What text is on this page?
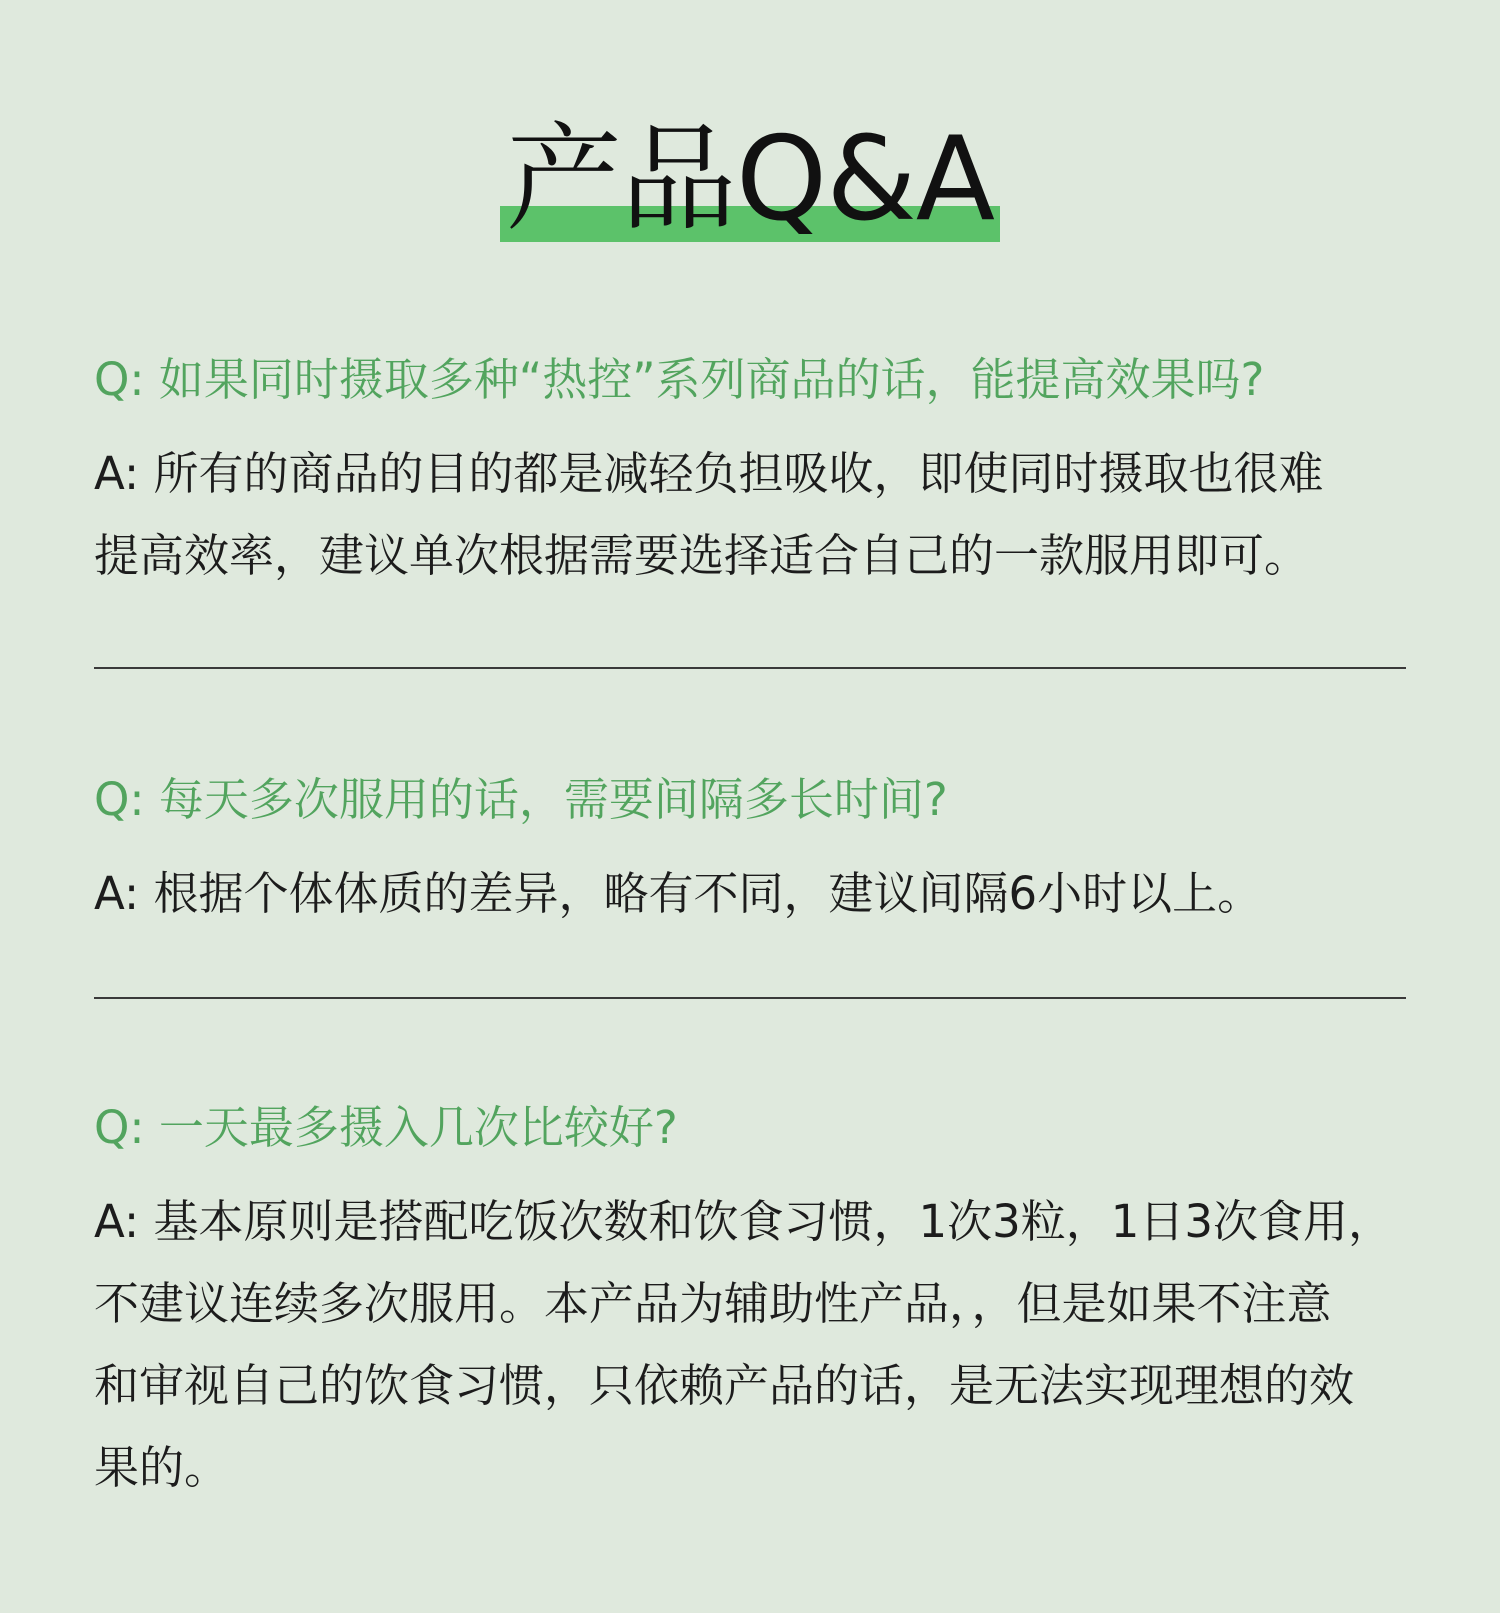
产品Q&A
Q: 如果同时摄取多种“热控”系列商品的话，能提高效果吗?
A: 所有的商品的目的都是减轻负担吸收，即使同时摄取也很难
提高效率，建议单次根据需要选择适合自己的一款服用即可。
Q: 每天多次服用的话，需要间隔多长时间?
A: 根据个体体质的差异，略有不同，建议间隔6小时以上。
Q: 一天最多摄入几次比较好?
A: 基本原则是搭配吃饭次数和饮食习惯，1次3粒，1日3次食用，
不建议连续多次服用。本产品为辅助性产品，，但是如果不注意
和审视自己的饮食习惯，只依赖产品的话，是无法实现理想的效
果的。
